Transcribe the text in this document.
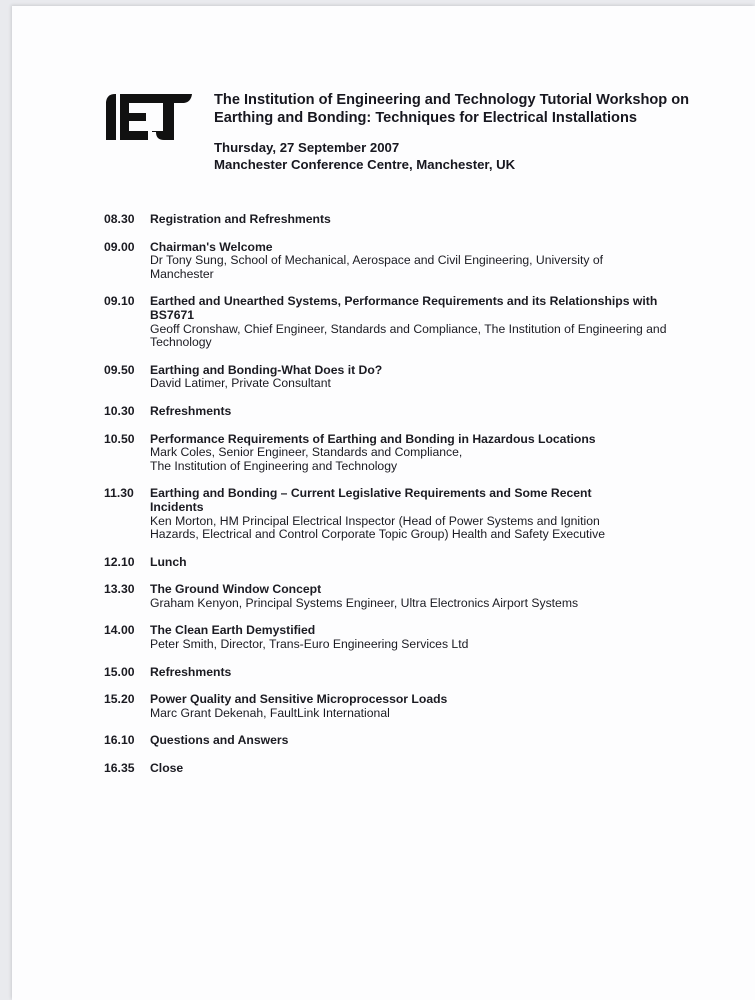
The Institution of Engineering and Technology Tutorial Workshop on

Earthing and Bonding: Techniques for Electrical Installations

Thursday, 27 September 2007
Manchester Conference Centre, Manchester, UK
08.30	Registration and Refreshments
09.00	Chairman's Welcome
Dr Tony Sung, School of Mechanical, Aerospace and Civil Engineering, University of Manchester
09.10	Earthed and Unearthed Systems, Performance Requirements and its Relationships with BS7671
Geoff Cronshaw, Chief Engineer, Standards and Compliance, The Institution of Engineering and Technology
09.50	Earthing and Bonding-What Does it Do?
David Latimer, Private Consultant
10.30	Refreshments
10.50	Performance Requirements of Earthing and Bonding in Hazardous Locations
Mark Coles, Senior Engineer, Standards and Compliance,
The Institution of Engineering and Technology
11.30	Earthing and Bonding – Current Legislative Requirements and Some Recent Incidents
Ken Morton, HM Principal Electrical Inspector (Head of Power Systems and Ignition Hazards, Electrical and Control Corporate Topic Group) Health and Safety Executive
12.10	Lunch
13.30	The Ground Window Concept
Graham Kenyon, Principal Systems Engineer, Ultra Electronics Airport Systems
14.00	The Clean Earth Demystified
Peter Smith, Director, Trans-Euro Engineering Services Ltd
15.00	Refreshments
15.20	Power Quality and Sensitive Microprocessor Loads
Marc Grant Dekenah, FaultLink International
16.10	Questions and Answers
16.35	Close
